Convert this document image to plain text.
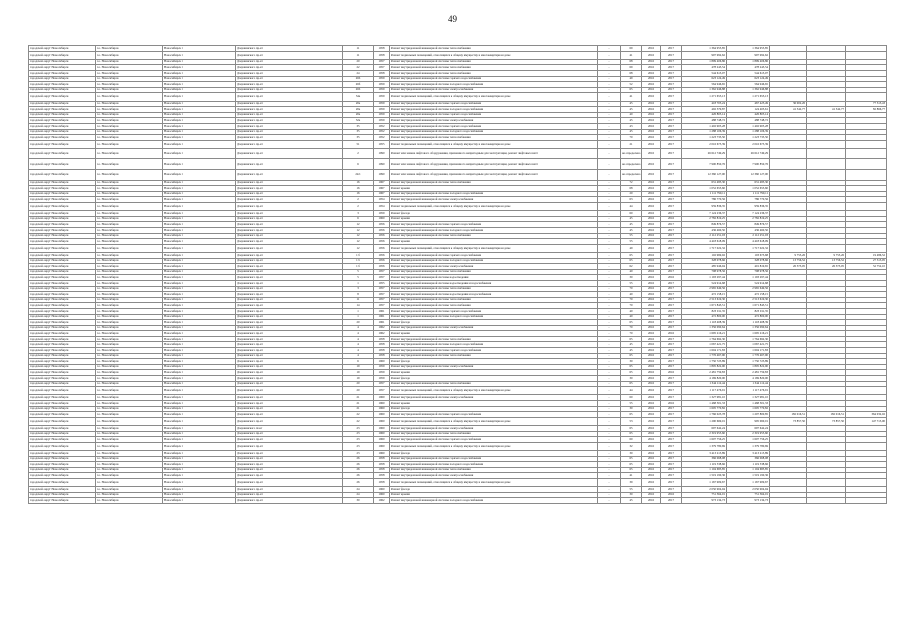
49
городской округ Новосибирск	г.о. Новосибирск	Новосибирск г	Дзержинского пр-кт	11	1958	Ремонт внутридомовой инженерной системы теплоснабжения	-	69	2016	2017	1 364 955,85	1 364 955,85			
городской округ Новосибирск	г.о. Новосибирск	Новосибирск г	Дзержинского пр-кт	11	1958	Ремонт подвальных помещений, относящихся к общему имуществу в многоквартирном доме	-	41	2016	2017	997 992,62	997 992,62			
городской округ Новосибирск	г.о. Новосибирск	Новосибирск г	Дзержинского пр-кт	20	1957	Ремонт внутридомовой инженерной системы теплоснабжения	-	68	2016	2017	1 899 406,86	1 899 406,86			
городской округ Новосибирск	г.о. Новосибирск	Новосибирск г	Дзержинского пр-кт	22	1957	Ремонт внутридомовой инженерной системы теплоснабжения	-	69	2016	2017	478 243,54	478 243,54			
городской округ Новосибирск	г.о. Новосибирск	Новосибирск г	Дзержинского пр-кт	24	1958	Ремонт внутридомовой инженерной системы теплоснабжения	-	68	2016	2017	544 613,07	544 613,07			
городской округ Новосибирск	г.о. Новосибирск	Новосибирск г	Дзержинского пр-кт	26б	1959	Ремонт внутридомовой инженерной системы горячего водоснабжения	-	49	2016	2017	623 124,49	623 124,49			
городской округ Новосибирск	г.о. Новосибирск	Новосибирск г	Дзержинского пр-кт	26б	1959	Ремонт внутридомовой инженерной системы холодного водоснабжения	-	52	2016	2017	564 946,65	564 946,65			
городской округ Новосибирск	г.о. Новосибирск	Новосибирск г	Дзержинского пр-кт	26б	1959	Ремонт внутридомовой инженерной системы электроснабжения	-	65	2016	2017	1 362 946,88	1 362 946,88			
городской округ Новосибирск	г.о. Новосибирск	Новосибирск г	Дзержинского пр-кт	34а	1959	Ремонт подвальных помещений, относящихся к общему имуществу в многоквартирном доме	-	41	2016	2017	1 271 653,13	1 271 653,13			
городской округ Новосибирск	г.о. Новосибирск	Новосибирск г	Дзержинского пр-кт	26а	1959	Ремонт внутридомовой инженерной системы горячего водоснабжения	-	45	2016	2017	418 705,24	467 423,49	36 002,26		77 513,43
городской округ Новосибирск	г.о. Новосибирск	Новосибирск г	Дзержинского пр-кт	26а	1959	Ремонт внутридомовой инженерной системы холодного водоснабжения	-	45	2016	2017	492 379,87	124 403,61	41 542,77	41 542,77	82 866,77
городской округ Новосибирск	г.о. Новосибирск	Новосибирск г	Дзержинского пр-кт	26а	1959	Ремонт внутридомовой инженерной системы горячего водоснабжения	-	40	2016	2017	426 805,14	426 805,14			
городской округ Новосибирск	г.о. Новосибирск	Новосибирск г	Дзержинского пр-кт	32а	1959	Ремонт внутридомовой инженерной системы электроснабжения	-	45	2016	2017	488 748,72	488 748,72			
городской округ Новосибирск	г.о. Новосибирск	Новосибирск г	Дзержинского пр-кт	35	1952	Ремонт внутридомовой инженерной системы горячего водоснабжения	-	43	2016	2017	1 402 905,28	1 402 905,28			
городской округ Новосибирск	г.о. Новосибирск	Новосибирск г	Дзержинского пр-кт	35	1952	Ремонт внутридомовой инженерной системы холодного водоснабжения	-	45	2016	2017	1 288 106,39	1 288 106,39			
городской округ Новосибирск	г.о. Новосибирск	Новосибирск г	Дзержинского пр-кт	35	1952	Ремонт внутридомовой инженерной системы теплоснабжения	-	70	2016	2017	1 223 735,50	1 223 735,50			
городской округ Новосибирск	г.о. Новосибирск	Новосибирск г	Дзержинского пр-кт	51	1955	Ремонт подвальных помещений, относящихся к общему имуществу в многоквартирном доме	-	21	2016	2017	2 016 675,39	2 016 675,39			
городской округ Новосибирск	г.о. Новосибирск	Новосибирск г	Дзержинского пр-кт	2	1990	Ремонт или замена лифтового оборудования, признанного непригодным для эксплуатации, ремонт лифтовых шахт	-	не определено	2016	2017	26 612 749,29	26 612 749,29			
городской округ Новосибирск	г.о. Новосибирск	Новосибирск г	Дзержинского пр-кт	6	1990	Ремонт или замена лифтового оборудования, признанного непригодным для эксплуатации, ремонт лифтовых шахт	-	не определено	2016	2017	7 900 850,76	7 900 850,76			
городской округ Новосибирск	г.о. Новосибирск	Новосибирск г	Дзержинского пр-кт	24/1	1990	Ремонт или замена лифтового оборудования, признанного непригодным для эксплуатации, ремонт лифтовых шахт	-	не определено	2016	2017	12 360 127,00	12 360 127,00			
городской округ Новосибирск	г.о. Новосибирск	Новосибирск г	Дзержинского пр-кт	16	1967	Ремонт внутридомовой инженерной системы теплоснабжения	-	72	2016	2017	631 485,30	631 485,30			
городской округ Новосибирск	г.о. Новосибирск	Новосибирск г	Дзержинского пр-кт	16	1967	Ремонт крыши	-	68	2016	2017	1 052 653,60	1 052 653,60			
городской округ Новосибирск	г.о. Новосибирск	Новосибирск г	Дзержинского пр-кт	16	1967	Ремонт внутридомовой инженерной системы холодного водоснабжения	-	20	2016	2017	1 111 790,11	1 111 790,11			
городской округ Новосибирск	г.о. Новосибирск	Новосибирск г	Дзержинского пр-кт	2	1954	Ремонт внутридомовой инженерной системы электроснабжения	-	63	2016	2017	786 770,56	786 770,56			
городской округ Новосибирск	г.о. Новосибирск	Новосибирск г	Дзержинского пр-кт	2	1954	Ремонт подвальных помещений, относящихся к общему имуществу в многоквартирном доме	-	44	2016	2017	959 836,35	959 836,35			
городской округ Новосибирск	г.о. Новосибирск	Новосибирск г	Дзержинского пр-кт	3	1959	Ремонт фасада	-	60	2016	2017	7 124 236,37	7 124 236,37			
городской округ Новосибирск	г.о. Новосибирск	Новосибирск г	Дзержинского пр-кт	6	1960	Ремонт крыши	-	45	2016	2016	2 782 819,25	2 782 819,25			
городской округ Новосибирск	г.о. Новосибирск	Новосибирск г	Дзержинского пр-кт	12	1956	Ремонт внутридомовой инженерной системы горячего водоснабжения	-	45	2016	2017	849 876,57	849 876,57			
городской округ Новосибирск	г.о. Новосибирск	Новосибирск г	Дзержинского пр-кт	12	1956	Ремонт внутридомовой инженерной системы холодного водоснабжения	-	45	2016	2017	436 460,50	436 460,50			
городской округ Новосибирск	г.о. Новосибирск	Новосибирск г	Дзержинского пр-кт	12	1956	Ремонт внутридомовой инженерной системы теплоснабжения	-	55	2016	2017	2 112 251,03	2 112 251,03			
городской округ Новосибирск	г.о. Новосибирск	Новосибирск г	Дзержинского пр-кт	12	1956	Ремонт крыши	-	55	2016	2017	4 418 618,09	4 418 618,09			
городской округ Новосибирск	г.о. Новосибирск	Новосибирск г	Дзержинского пр-кт	12	1956	Ремонт подвальных помещений, относящихся к общему имуществу в многоквартирном доме	-	49	2016	2017	1 717 022,32	1 717 022,32			
городской округ Новосибирск	г.о. Новосибирск	Новосибирск г	Дзержинского пр-кт	1 б	1956	Ремонт внутридомовой инженерной системы горячего водоснабжения	-	65	2016	2017	102 969,92	103 673,68	9 753,26	9 753,26	19 486,52
городской округ Новосибирск	г.о. Новосибирск	Новосибирск г	Дзержинского пр-кт	1 б	1956	Ремонт внутридомовой инженерной системы холодного водоснабжения	-	65	2016	2017	328 078,66	328 078,66	13 756,52	13 756,52	27 513,05
городской округ Новосибирск	г.о. Новосибирск	Новосибирск г	Дзержинского пр-кт	1 б	1956	Ремонт внутридомовой инженерной системы электроснабжения	-	62	2016	2017	485 946,94	401 819,65	26 373,05	26 373,05	52 752,10
городской округ Новосибирск	г.о. Новосибирск	Новосибирск г	Дзержинского пр-кт	5	1957	Ремонт внутридомовой инженерной системы теплоснабжения	-	40	2016	2017	798 978,56	798 978,56			
городской округ Новосибирск	г.о. Новосибирск	Новосибирск г	Дзержинского пр-кт	5	1957	Ремонт внутридомовой инженерной системы водоотведения	-	30	2016	2016	1 193 297,44	1 193 297,44			
городской округ Новосибирск	г.о. Новосибирск	Новосибирск г	Дзержинского пр-кт	1	1955	Ремонт внутридомовой инженерной системы водоотведения и водоснабжения	-	55	2016	2017	524 914,68	524 914,68			
городской округ Новосибирск	г.о. Новосибирск	Новосибирск г	Дзержинского пр-кт	3	1957	Ремонт внутридомовой инженерной системы теплоснабжения	-	70	2016	2017	2 965 649,56	2 965 649,56			
городской округ Новосибирск	г.о. Новосибирск	Новосибирск г	Дзержинского пр-кт	8	1957	Ремонт внутридомовой инженерной системы водоотведения и водоснабжения	-	40	2016	2017	472 158,15	472 158,15			
городской округ Новосибирск	г.о. Новосибирск	Новосибирск г	Дзержинского пр-кт	11	1957	Ремонт внутридомовой инженерной системы теплоснабжения	-	70	2016	2017	2 513 619,30	2 513 619,30			
городской округ Новосибирск	г.о. Новосибирск	Новосибирск г	Дзержинского пр-кт	14	1957	Ремонт внутридомовой инженерной системы теплоснабжения	-	70	2016	2017	1 671 843,51	1 671 843,51			
городской округ Новосибирск	г.о. Новосибирск	Новосибирск г	Дзержинского пр-кт	1	1961	Ремонт внутридомовой инженерной системы горячего водоснабжения	-	40	2016	2017	823 011,35	823 011,35			
городской округ Новосибирск	г.о. Новосибирск	Новосибирск г	Дзержинского пр-кт	1	1961	Ремонт внутридомовой инженерной системы холодного водоснабжения	-	40	2016	2017	472 800,00	472 800,00			
городской округ Новосибирск	г.о. Новосибирск	Новосибирск г	Дзержинского пр-кт	20	1961	Ремонт фасада	-	65	2016	2017	1 118 408,39	1 118 408,39			
городской округ Новосибирск	г.о. Новосибирск	Новосибирск г	Дзержинского пр-кт	4	1962	Ремонт внутридомовой инженерной системы электроснабжения	-	70	2016	2017	1 356 090,64	1 356 090,64			
городской округ Новосибирск	г.о. Новосибирск	Новосибирск г	Дзержинского пр-кт	4	1962	Ремонт крыши	-	70	2016	2016	1 695 216,21	1 695 216,21			
городской округ Новосибирск	г.о. Новосибирск	Новосибирск г	Дзержинского пр-кт	4	1958	Ремонт внутридомовой инженерной системы теплоснабжения	-	65	2016	2017	1 764 692,30	1 764 692,30			
городской округ Новосибирск	г.о. Новосибирск	Новосибирск г	Дзержинского пр-кт	4	1958	Ремонт внутридомовой инженерной системы холодного водоснабжения	-	45	2016	2017	1 067 421,75	1 067 421,75			
городской округ Новосибирск	г.о. Новосибирск	Новосибирск г	Дзержинского пр-кт	4	1958	Ремонт внутридомовой инженерной системы горячего водоснабжения	-	45	2016	2017	1 604 171,83	1 604 171,83			
городской округ Новосибирск	г.о. Новосибирск	Новосибирск г	Дзержинского пр-кт	4	1958	Ремонт внутридомовой инженерной системы теплоснабжения	-	65	2016	2017	1 776 467,90	1 776 467,90			
городской округ Новосибирск	г.о. Новосибирск	Новосибирск г	Дзержинского пр-кт	6	1960	Ремонт фасада	-	30	2016	2017	1 750 723,89	1 750 723,89			
городской округ Новосибирск	г.о. Новосибирск	Новосибирск г	Дзержинского пр-кт	19	1959	Ремонт внутридомовой инженерной системы электроснабжения	-	65	2016	2017	1 805 822,90	1 805 822,90			
городской округ Новосибирск	г.о. Новосибирск	Новосибирск г	Дзержинского пр-кт	19	1959	Ремонт крыши	-	65	2016	2016	2 481 759,83	2 481 759,83			
городской округ Новосибирск	г.о. Новосибирск	Новосибирск г	Дзержинского пр-кт	19	1959	Ремонт фасада	-	30	2016	2017	4 169 820,00	4 169 820,00			
городской округ Новосибирск	г.о. Новосибирск	Новосибирск г	Дзержинского пр-кт	20	1957	Ремонт внутридомовой инженерной системы теплоснабжения	-	65	2016	2017	1 344 112,44	1 344 112,44			
городской округ Новосибирск	г.о. Новосибирск	Новосибирск г	Дзержинского пр-кт	20	1957	Ремонт подвальных помещений, относящихся к общему имуществу в многоквартирном доме	-	44	2016	2017	1 117 476,91	1 117 476,91			
городской округ Новосибирск	г.о. Новосибирск	Новосибирск г	Дзержинского пр-кт	21	1960	Ремонт внутридомовой инженерной системы электроснабжения	-	60	2016	2017	1 327 981,10	1 327 981,10			
городской округ Новосибирск	г.о. Новосибирск	Новосибирск г	Дзержинского пр-кт	21	1960	Ремонт крыши	-	55	2016	2016	1 468 301,33	1 468 301,33			
городской округ Новосибирск	г.о. Новосибирск	Новосибирск г	Дзержинского пр-кт	21	1960	Ремонт фасада	-	30	2016	2017	1 605 770,82	1 605 770,82			
городской округ Новосибирск	г.о. Новосибирск	Новосибирск г	Дзержинского пр-кт	22	1960	Ремонт внутридомовой инженерной системы горячего водоснабжения	-	65	2016	2017	1 766 023,78	1 207 800,85	182 016,51	182 016,51	364 032,02
городской округ Новосибирск	г.о. Новосибирск	Новосибирск г	Дзержинского пр-кт	22	1960	Ремонт подвальных помещений, относящихся к общему имуществу в многоквартирном доме	-	53	2016	2017	1 290 669,01	995 060,01	73 857,50	73 857,50	147 715,00
городской округ Новосибирск	г.о. Новосибирск	Новосибирск г	Дзержинского пr-кт	23	1960	Ремонт внутридомовой инженерной системы электроснабжения	-	65	2016	2017	697 642,24	697 642,24			
городской округ Новосибирск	г.о. Новосибирск	Новосибирск г	Дзержинского пр-кт	23	1960	Ремонт внутридомовой инженерной системы теплоснабжения	-	65	2016	2017	2 319 955,60	2 319 955,60			
городской округ Новосибирск	г.о. Новосибирск	Новосибирск г	Дзержинского пр-кт	23	1960	Ремонт внутридомовой инженерной системы горячего водоснабжения	-	60	2016	2017	1 607 756,25	1 607 756,25			
городской округ Новосибирск	г.о. Новосибирск	Новосибирск г	Дзержинского пр-кт	23	1960	Ремонт подвальных помещений, относящихся к общему имуществу в многоквартирном доме	-	32	2016	2017	1 379 780,69	1 379 780,69			
городской округ Новосибирск	г.о. Новосибирск	Новосибирск г	Дзержинского пр-кт	23	1960	Ремонт фасада	-	30	2016	2017	3 413 215,89	3 413 215,89			
городской округ Новосибирск	г.о. Новосибирск	Новосибирск г	Дзержинского пр-кт	26	1958	Ремонт внутридомовой инженерной системы горячего водоснабжения	-	65	2016	2017	366 068,08	366 068,08			
городской округ Новосибирск	г.о. Новосибирск	Новосибирск г	Дзержинского пр-кт	26	1958	Ремонт внутридомовой инженерной системы холодного водоснабжения	-	65	2016	2017	1 119 538,66	1 119 538,66			
городской округ Новосибирск	г.о. Новосибирск	Новосибирск г	Дзержинского пр-кт	26	1958	Ремонт внутридомовой инженерной системы теплоснабжения	-	65	2016	2017	1 104 685,85	1 104 685,85			
городской округ Новосибирск	г.о. Новосибирск	Новосибирск г	Дзержинского пр-кт	26	1958	Ремонт внутридомовой инженерной системы электроснабжения	-	41	2016	2017	1 519 190,36	1 519 190,36			
городской округ Новосибирск	г.о. Новосибирск	Новосибирск г	Дзержинского пр-кт	26	1958	Ремонт подвальных помещений, относящихся к общему имуществу в многоквартирном доме	-	39	2016	2017	1 167 909,67	1 167 909,67			
городской округ Новосибирск	г.о. Новосибирск	Новосибирск г	Дзержинского пр-кт	24	1960	Ремонт фасада	-	55	2016	2017	2 050 904,94	2 050 904,94			
городской округ Новосибирск	г.о. Новосибирск	Новосибирск г	Дзержинского пр-кт	24	1960	Ремонт крыши	-	30	2016	2016	751 364,01	751 364,01			
городской округ Новосибирск	г.о. Новосибирск	Новосибирск г	Дзержинского пр-кт	30	1962	Ремонт внутридомовой инженерной системы холодного водоснабжения	-	45	2016	2017	973 134,73	973 134,73			
